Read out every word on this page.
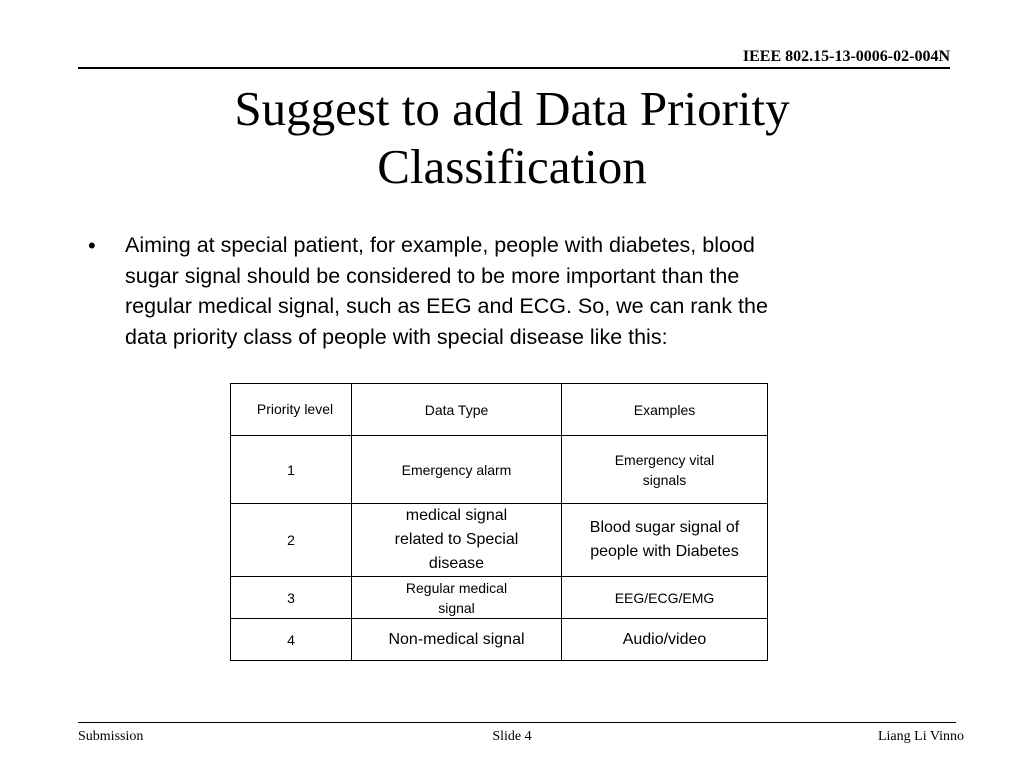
IEEE 802.15-13-0006-02-004N
Suggest to add Data Priority
Classification
• Aiming at special patient, for example, people with diabetes, blood
sugar signal should be considered to be more important than the
regular medical signal, such as EEG and ECG. So, we can rank the
data priority class of people with special disease like this:
Priority level	Data Type	Examples
1	Emergency alarm	Emergency vital signals

2	medical signal related to Special disease	Blood sugar signal of people with Diabetes

3	Regular medical signal	EEG/ECG/EMG
4	Non-medical signal	Audio/video
Submission	Slide 4	Liang Li Vinno
